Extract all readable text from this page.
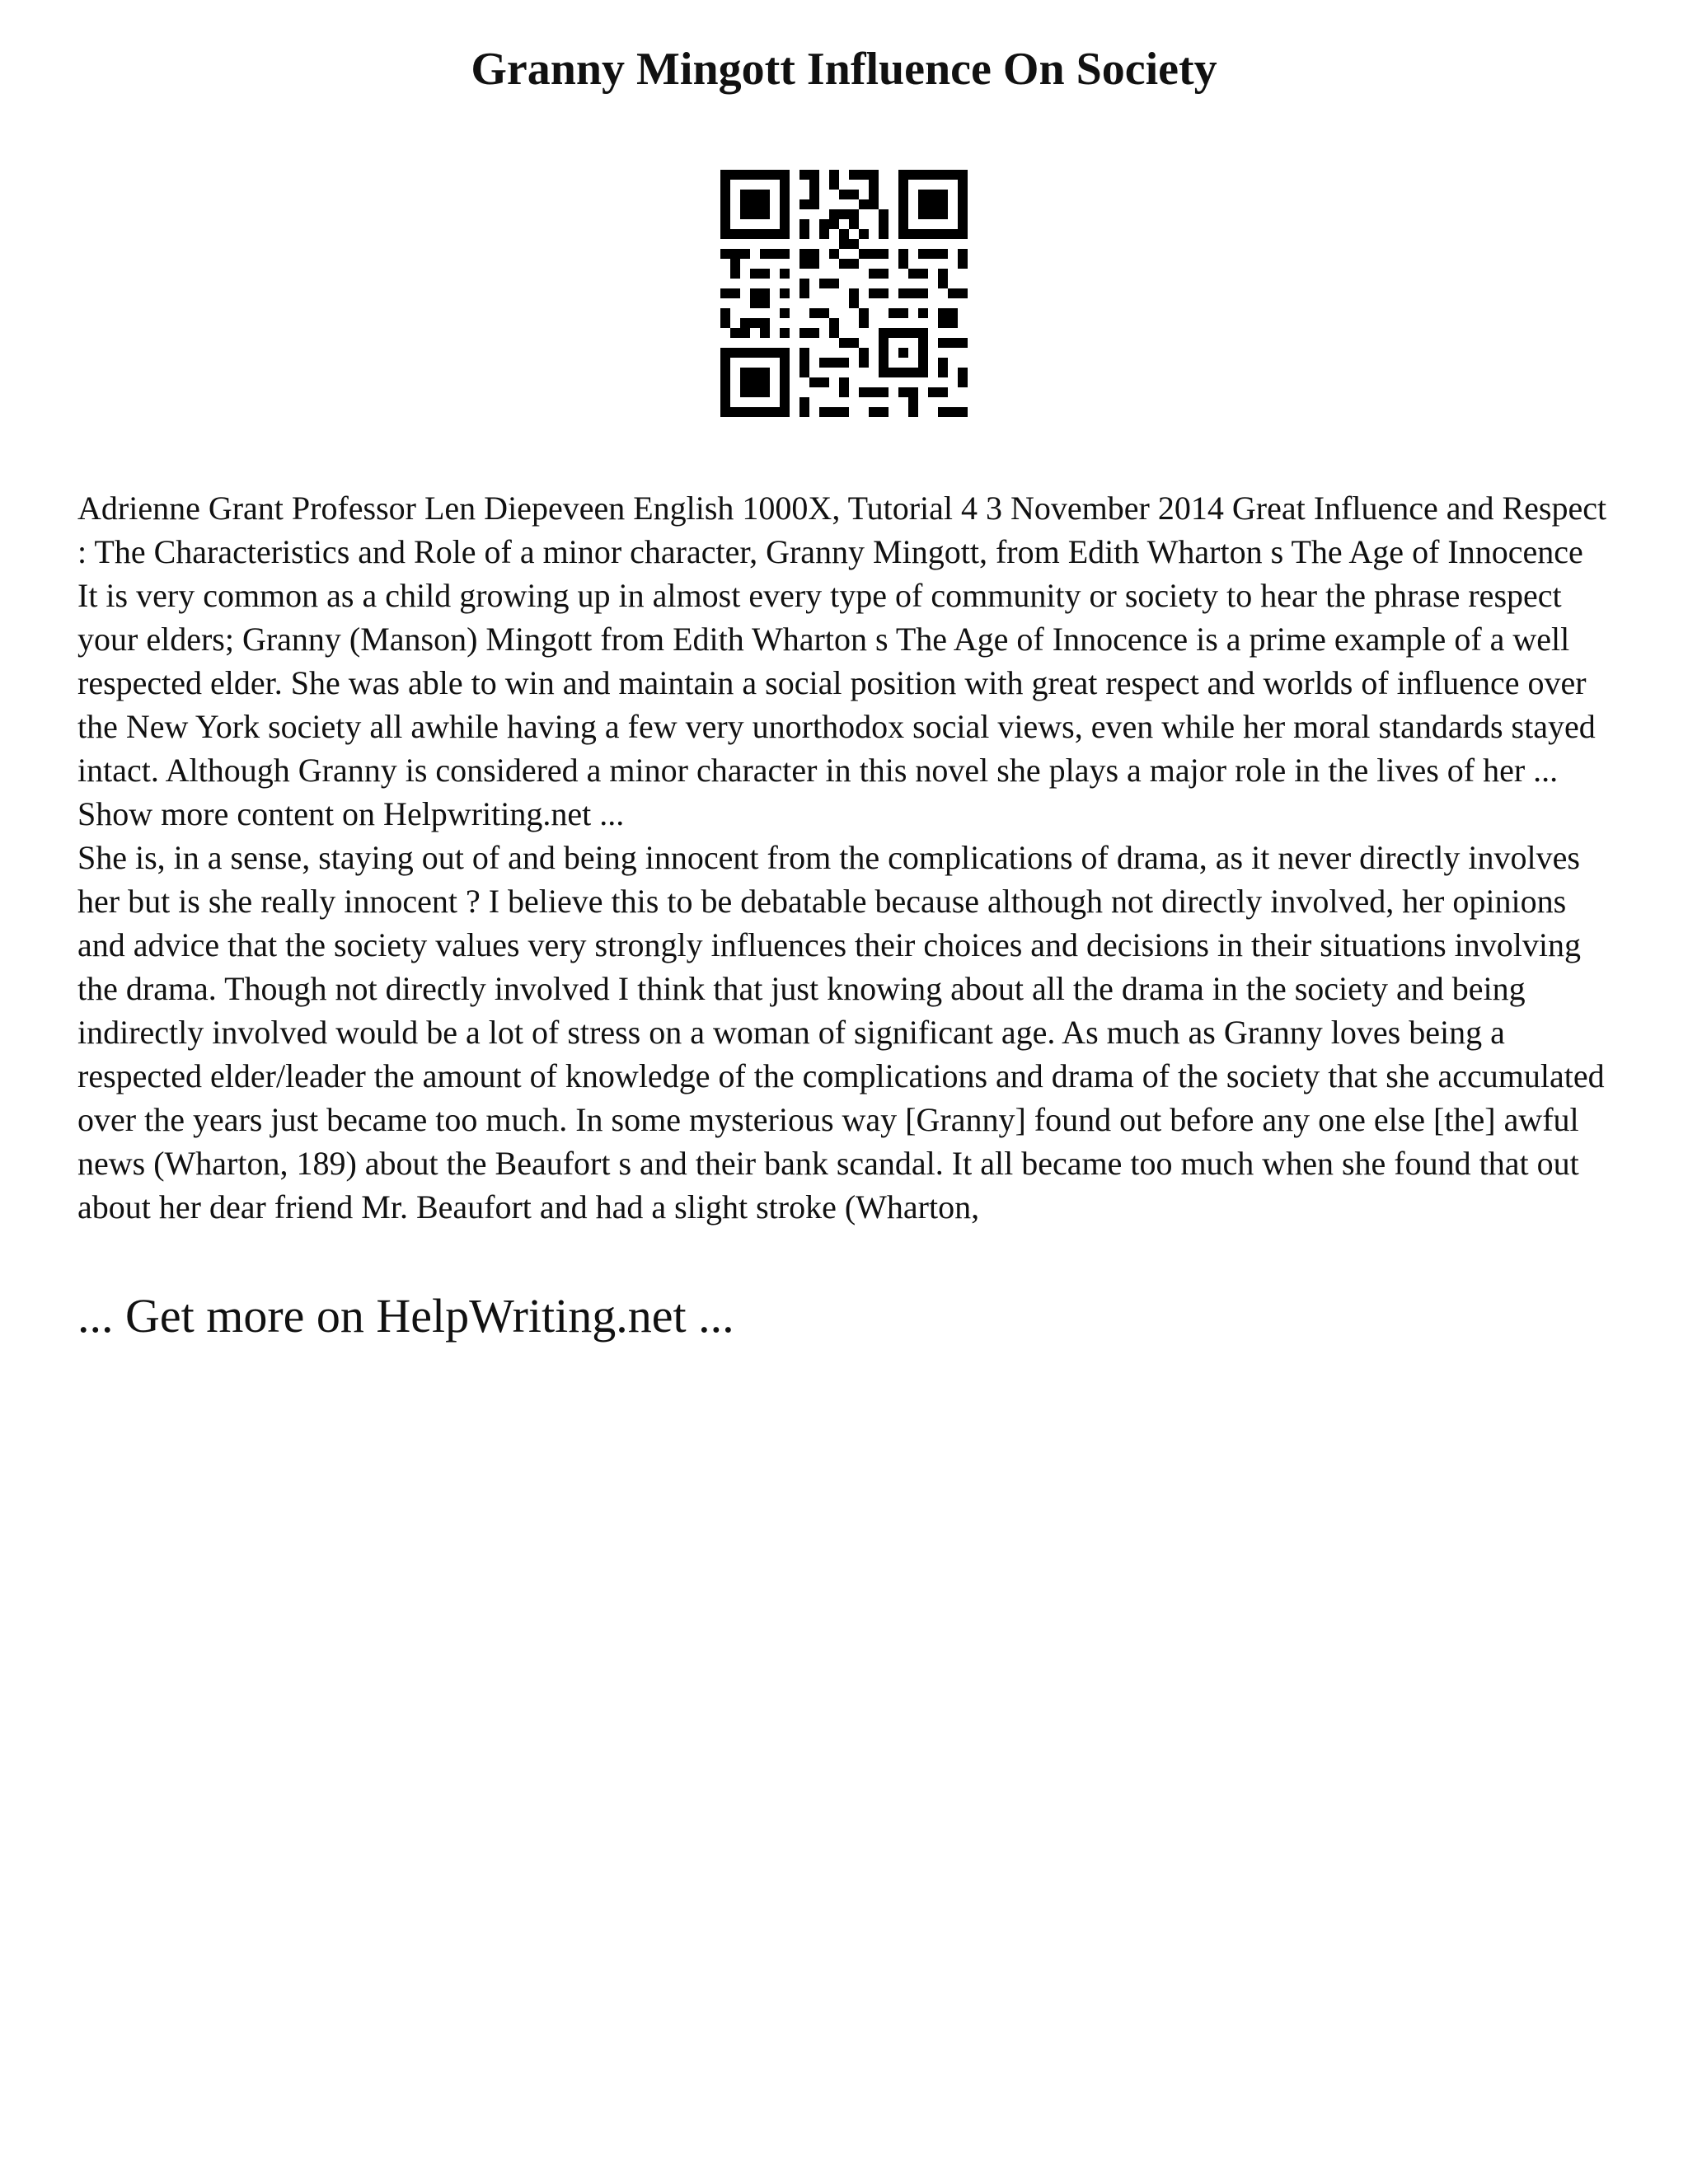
Granny Mingott Influence On Society

Adrienne Grant Professor Len Diepeveen English 1000X, Tutorial 4 3 November 2014 Great Influence and Respect : The Characteristics and Role of a minor character, Granny Mingott, from Edith Wharton s The Age of Innocence It is very common as a child growing up in almost every type of community or society to hear the phrase respect your elders; Granny (Manson) Mingott from Edith Wharton s The Age of Innocence is a prime example of a well respected elder. She was able to win and maintain a social position with great respect and worlds of influence over the New York society all awhile having a few very unorthodox social views, even while her moral standards stayed intact. Although Granny is considered a minor character in this novel she plays a major role in the lives of her ... Show more content on Helpwriting.net ...

She is, in a sense, staying out of and being innocent from the complications of drama, as it never directly involves her but is she really innocent ? I believe this to be debatable because although not directly involved, her opinions and advice that the society values very strongly influences their choices and decisions in their situations involving the drama. Though not directly involved I think that just knowing about all the drama in the society and being indirectly involved would be a lot of stress on a woman of significant age. As much as Granny loves being a respected elder/leader the amount of knowledge of the complications and drama of the society that she accumulated over the years just became too much. In some mysterious way [Granny] found out before any one else [the] awful news (Wharton, 189) about the Beaufort s and their bank scandal. It all became too much when she found that out about her dear friend Mr. Beaufort and had a slight stroke (Wharton,

... Get more on HelpWriting.net ...
